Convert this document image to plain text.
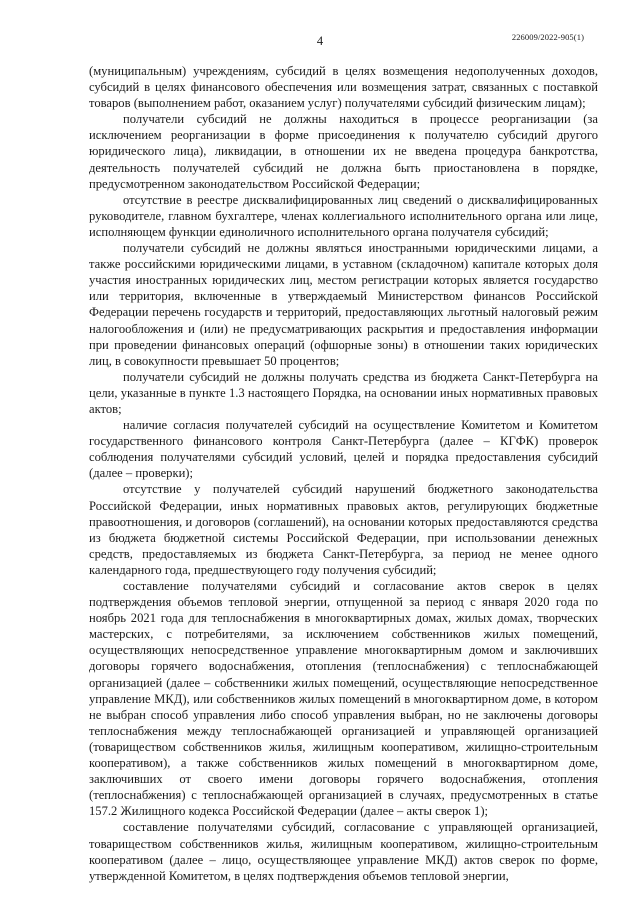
4	226009/2022-905(1)

(муниципальным) учреждениям, субсидий в целях возмещения недополученных доходов, субсидий в целях финансового обеспечения или возмещения затрат, связанных с поставкой товаров (выполнением работ, оказанием услуг) получателями субсидий физическим лицам);

получатели субсидий не должны находиться в процессе реорганизации (за исключением реорганизации в форме присоединения к получателю субсидий другого юридического лица), ликвидации, в отношении их не введена процедура банкротства, деятельность получателей субсидий не должна быть приостановлена в порядке, предусмотренном законодательством Российской Федерации;

отсутствие в реестре дисквалифицированных лиц сведений о дисквалифицированных руководителе, главном бухгалтере, членах коллегиального исполнительного органа или лице, исполняющем функции единоличного исполнительного органа получателя субсидий;

получатели субсидий не должны являться иностранными юридическими лицами, а также российскими юридическими лицами, в уставном (складочном) капитале которых доля участия иностранных юридических лиц, местом регистрации которых является государство или территория, включенные в утверждаемый Министерством финансов Российской Федерации перечень государств и территорий, предоставляющих льготный налоговый режим налогообложения и (или) не предусматривающих раскрытия и предоставления информации при проведении финансовых операций (офшорные зоны) в отношении таких юридических лиц, в совокупности превышает 50 процентов;

получатели субсидий не должны получать средства из бюджета Санкт-Петербурга на цели, указанные в пункте 1.3 настоящего Порядка, на основании иных нормативных правовых актов;

наличие согласия получателей субсидий на осуществление Комитетом и Комитетом государственного финансового контроля Санкт-Петербурга (далее – КГФК) проверок соблюдения получателями субсидий условий, целей и порядка предоставления субсидий (далее – проверки);

отсутствие у получателей субсидий нарушений бюджетного законодательства Российской Федерации, иных нормативных правовых актов, регулирующих бюджетные правоотношения, и договоров (соглашений), на основании которых предоставляются средства из бюджета бюджетной системы Российской Федерации, при использовании денежных средств, предоставляемых из бюджета Санкт-Петербурга, за период не менее одного календарного года, предшествующего году получения субсидий;

составление получателями субсидий и согласование актов сверок в целях подтверждения объемов тепловой энергии, отпущенной за период с января 2020 года по ноябрь 2021 года для теплоснабжения в многоквартирных домах, жилых домах, творческих мастерских, с потребителями, за исключением собственников жилых помещений, осуществляющих непосредственное управление многоквартирным домом и заключивших договоры горячего водоснабжения, отопления (теплоснабжения) с теплоснабжающей организацией (далее – собственники жилых помещений, осуществляющие непосредственное управление МКД), или собственников жилых помещений в многоквартирном доме, в котором не выбран способ управления либо способ управления выбран, но не заключены договоры теплоснабжения между теплоснабжающей организацией и управляющей организацией (товариществом собственников жилья, жилищным кооперативом, жилищно-строительным кооперативом), а также собственников жилых помещений в многоквартирном доме, заключивших от своего имени договоры горячего водоснабжения, отопления (теплоснабжения) с теплоснабжающей организацией в случаях, предусмотренных в статье 157.2 Жилищного кодекса Российской Федерации (далее – акты сверок 1);

составление получателями субсидий, согласование с управляющей организацией, товариществом собственников жилья, жилищным кооперативом, жилищно-строительным кооперативом (далее – лицо, осуществляющее управление МКД) актов сверок по форме, утвержденной Комитетом, в целях подтверждения объемов тепловой энергии,
